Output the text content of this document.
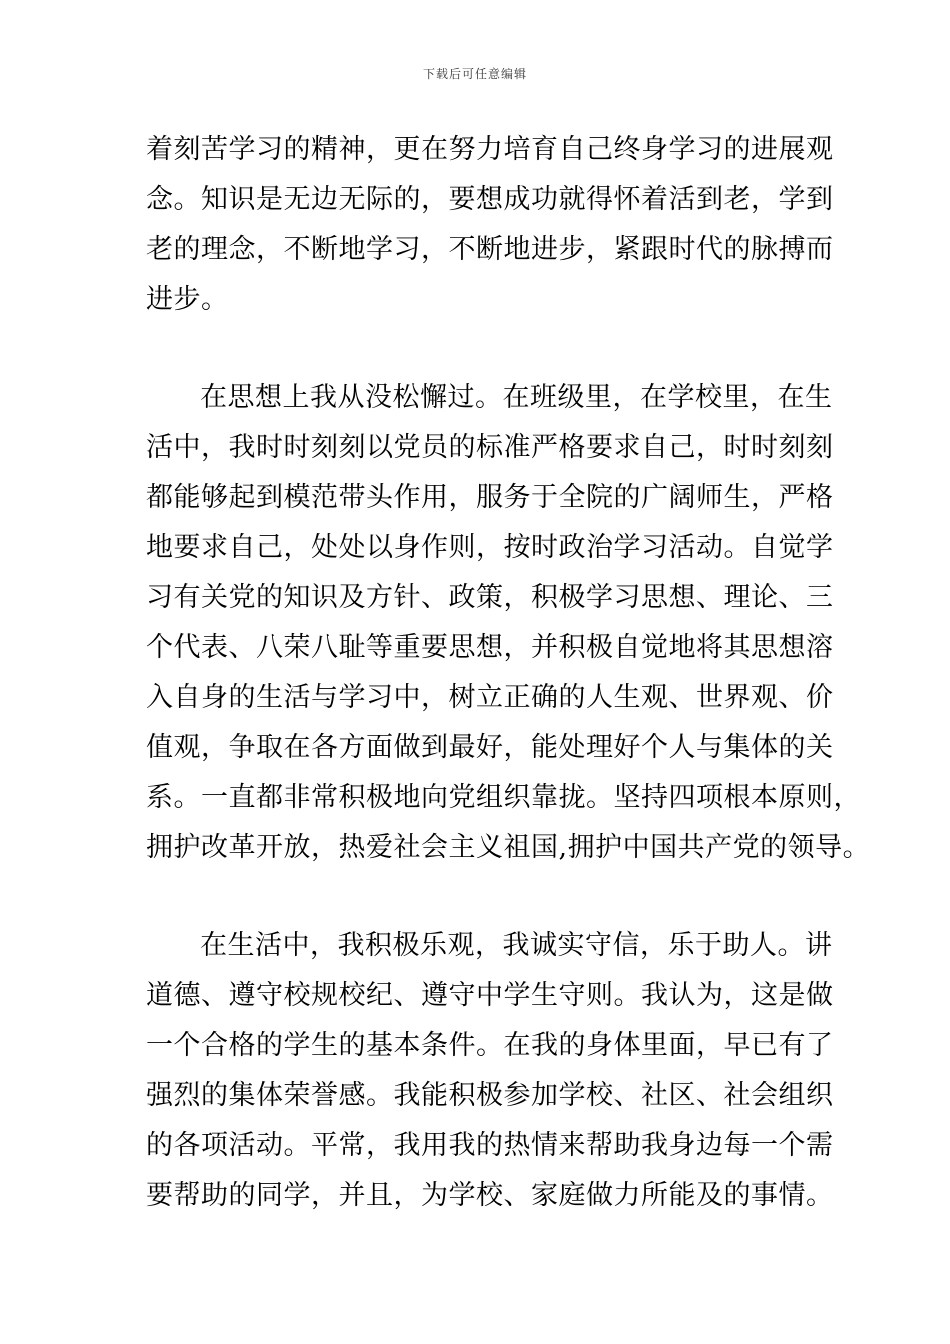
下载后可任意编辑
着刻苦学习的精神，更在努力培育自己终身学习的进展观
念。知识是无边无际的，要想成功就得怀着活到老，学到
老的理念，不断地学习，不断地进步，紧跟时代的脉搏而
进步。
在思想上我从没松懈过。在班级里，在学校里，在生
活中，我时时刻刻以党员的标准严格要求自己，时时刻刻
都能够起到模范带头作用，服务于全院的广阔师生，严格
地要求自己，处处以身作则，按时政治学习活动。自觉学
习有关党的知识及方针、政策，积极学习思想、理论、三
个代表、八荣八耻等重要思想，并积极自觉地将其思想溶
入自身的生活与学习中，树立正确的人生观、世界观、价
值观，争取在各方面做到最好，能处理好个人与集体的关
系。一直都非常积极地向党组织靠拢。坚持四项根本原则，
拥护改革开放，热爱社会主义祖国,拥护中国共产党的领导。
在生活中，我积极乐观，我诚实守信，乐于助人。讲
道德、遵守校规校纪、遵守中学生守则。我认为，这是做
一个合格的学生的基本条件。在我的身体里面，早已有了
强烈的集体荣誉感。我能积极参加学校、社区、社会组织
的各项活动。平常，我用我的热情来帮助我身边每一个需
要帮助的同学，并且，为学校、家庭做力所能及的事情。
